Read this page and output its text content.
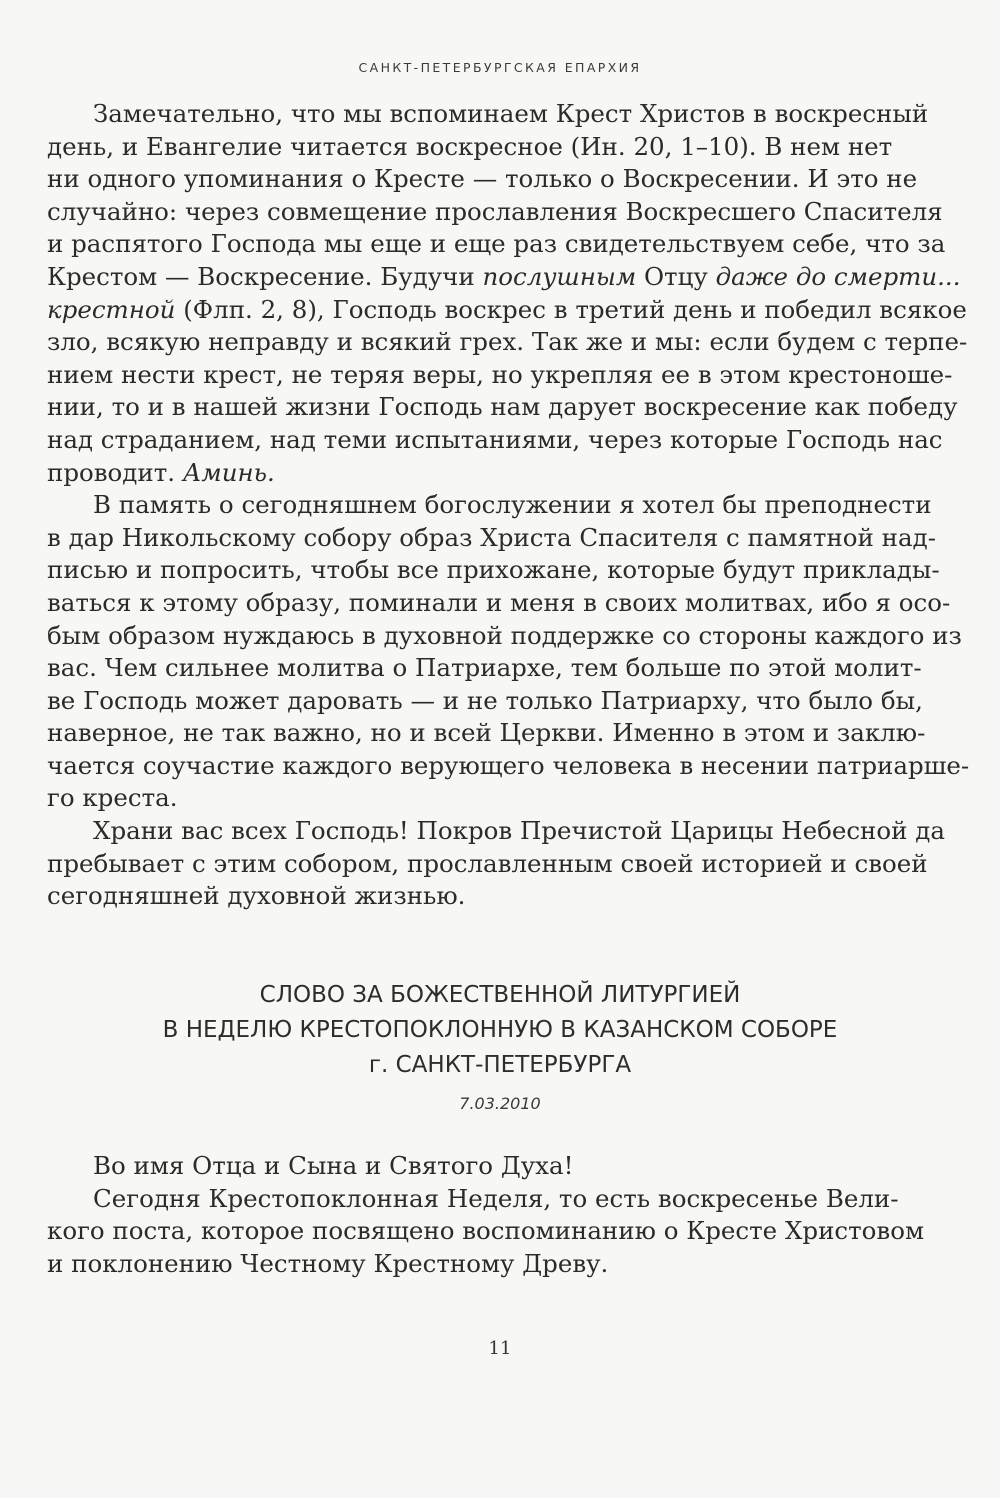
САНКТ-ПЕТЕРБУРГСКАЯ ЕПАРХИЯ
Замечательно, что мы вспоминаем Крест Христов в воскресный
день, и Евангелие читается воскресное (Ин. 20, 1–10). В нем нет
ни одного упоминания о Кресте — только о Воскресении. И это не
случайно: через совмещение прославления Воскресшего Спасителя
и распятого Господа мы еще и еще раз свидетельствуем себе, что за
Крестом — Воскресение. Будучи послушным Отцу даже до смерти...
крестной (Флп. 2, 8), Господь воскрес в третий день и победил всякое
зло, всякую неправду и всякий грех. Так же и мы: если будем с терпе-
нием нести крест, не теряя веры, но укрепляя ее в этом крестоноше-
нии, то и в нашей жизни Господь нам дарует воскресение как победу
над страданием, над теми испытаниями, через которые Господь нас
проводит. Аминь.
В память о сегодняшнем богослужении я хотел бы преподнести
в дар Никольскому собору образ Христа Спасителя с памятной над-
писью и попросить, чтобы все прихожане, которые будут приклады-
ваться к этому образу, поминали и меня в своих молитвах, ибо я осо-
бым образом нуждаюсь в духовной поддержке со стороны каждого из
вас. Чем сильнее молитва о Патриархе, тем больше по этой молит-
ве Господь может даровать — и не только Патриарху, что было бы,
наверное, не так важно, но и всей Церкви. Именно в этом и заклю-
чается соучастие каждого верующего человека в несении патриарше-
го креста.
Храни вас всех Господь! Покров Пречистой Царицы Небесной да
пребывает с этим собором, прославленным своей историей и своей
сегодняшней духовной жизнью.
СЛОВО ЗА БОЖЕСТВЕННОЙ ЛИТУРГИЕЙ
В НЕДЕЛЮ КРЕСТОПОКЛОННУЮ В КАЗАНСКОМ СОБОРЕ
г. САНКТ-ПЕТЕРБУРГА
7.03.2010
Во имя Отца и Сына и Святого Духа!
Сегодня Крестопоклонная Неделя, то есть воскресенье Вели-
кого поста, которое посвящено воспоминанию о Кресте Христовом
и поклонению Честному Крестному Древу.
11
